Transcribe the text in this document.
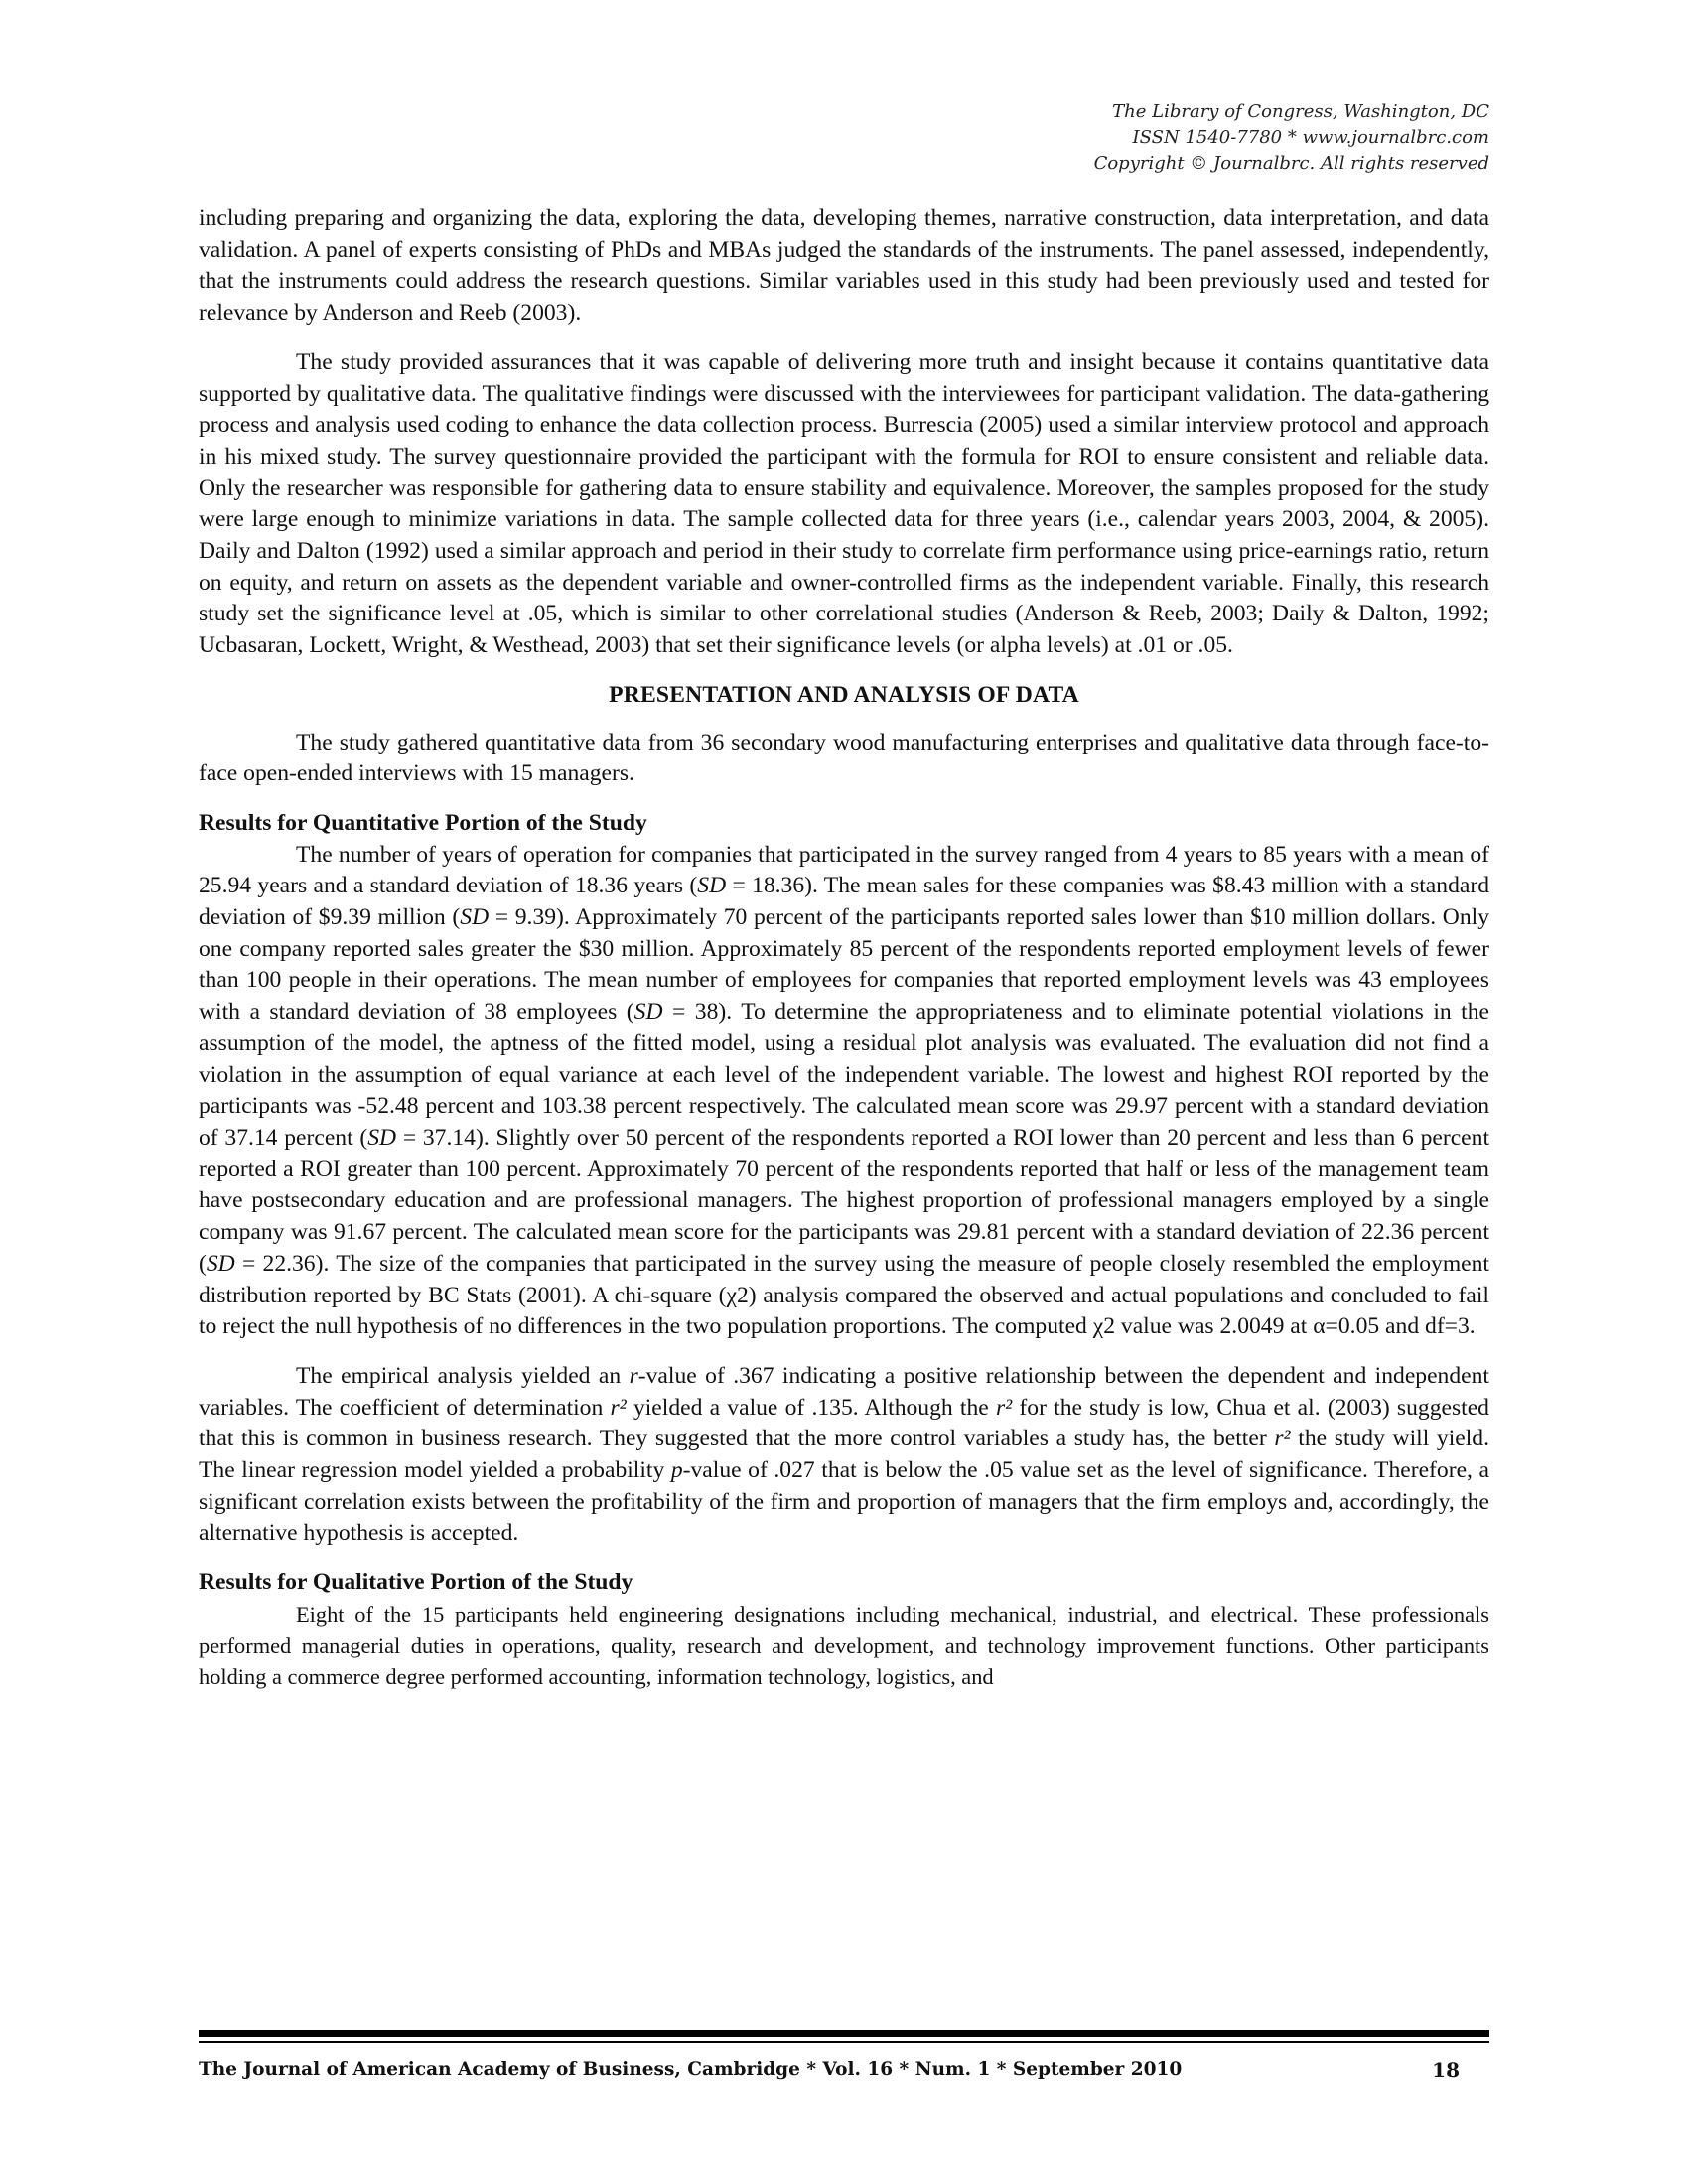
The Library of Congress, Washington, DC
ISSN 1540-7780 * www.journalbrc.com
Copyright © Journalbrc. All rights reserved

including preparing and organizing the data, exploring the data, developing themes, narrative construction, data interpretation, and data validation. A panel of experts consisting of PhDs and MBAs judged the standards of the instruments. The panel assessed, independently, that the instruments could address the research questions. Similar variables used in this study had been previously used and tested for relevance by Anderson and Reeb (2003).

The study provided assurances that it was capable of delivering more truth and insight because it contains quantitative data supported by qualitative data. The qualitative findings were discussed with the interviewees for participant validation. The data-gathering process and analysis used coding to enhance the data collection process. Burrescia (2005) used a similar interview protocol and approach in his mixed study. The survey questionnaire provided the participant with the formula for ROI to ensure consistent and reliable data. Only the researcher was responsible for gathering data to ensure stability and equivalence. Moreover, the samples proposed for the study were large enough to minimize variations in data. The sample collected data for three years (i.e., calendar years 2003, 2004, & 2005). Daily and Dalton (1992) used a similar approach and period in their study to correlate firm performance using price-earnings ratio, return on equity, and return on assets as the dependent variable and owner-controlled firms as the independent variable. Finally, this research study set the significance level at .05, which is similar to other correlational studies (Anderson & Reeb, 2003; Daily & Dalton, 1992; Ucbasaran, Lockett, Wright, & Westhead, 2003) that set their significance levels (or alpha levels) at .01 or .05.

PRESENTATION AND ANALYSIS OF DATA

The study gathered quantitative data from 36 secondary wood manufacturing enterprises and qualitative data through face-to-face open-ended interviews with 15 managers.

Results for Quantitative Portion of the Study

The number of years of operation for companies that participated in the survey ranged from 4 years to 85 years with a mean of 25.94 years and a standard deviation of 18.36 years (SD = 18.36). The mean sales for these companies was $8.43 million with a standard deviation of $9.39 million (SD = 9.39). Approximately 70 percent of the participants reported sales lower than $10 million dollars. Only one company reported sales greater the $30 million. Approximately 85 percent of the respondents reported employment levels of fewer than 100 people in their operations. The mean number of employees for companies that reported employment levels was 43 employees with a standard deviation of 38 employees (SD = 38). To determine the appropriateness and to eliminate potential violations in the assumption of the model, the aptness of the fitted model, using a residual plot analysis was evaluated. The evaluation did not find a violation in the assumption of equal variance at each level of the independent variable. The lowest and highest ROI reported by the participants was -52.48 percent and 103.38 percent respectively. The calculated mean score was 29.97 percent with a standard deviation of 37.14 percent (SD = 37.14). Slightly over 50 percent of the respondents reported a ROI lower than 20 percent and less than 6 percent reported a ROI greater than 100 percent. Approximately 70 percent of the respondents reported that half or less of the management team have postsecondary education and are professional managers. The highest proportion of professional managers employed by a single company was 91.67 percent. The calculated mean score for the participants was 29.81 percent with a standard deviation of 22.36 percent (SD = 22.36). The size of the companies that participated in the survey using the measure of people closely resembled the employment distribution reported by BC Stats (2001). A chi-square (χ2) analysis compared the observed and actual populations and concluded to fail to reject the null hypothesis of no differences in the two population proportions. The computed χ2 value was 2.0049 at α=0.05 and df=3.

The empirical analysis yielded an r-value of .367 indicating a positive relationship between the dependent and independent variables. The coefficient of determination r² yielded a value of .135. Although the r² for the study is low, Chua et al. (2003) suggested that this is common in business research. They suggested that the more control variables a study has, the better r² the study will yield. The linear regression model yielded a probability p-value of .027 that is below the .05 value set as the level of significance. Therefore, a significant correlation exists between the profitability of the firm and proportion of managers that the firm employs and, accordingly, the alternative hypothesis is accepted.

Results for Qualitative Portion of the Study

Eight of the 15 participants held engineering designations including mechanical, industrial, and electrical. These professionals performed managerial duties in operations, quality, research and development, and technology improvement functions. Other participants holding a commerce degree performed accounting, information technology, logistics, and

The Journal of American Academy of Business, Cambridge * Vol. 16 * Num. 1 * September 2010	18
